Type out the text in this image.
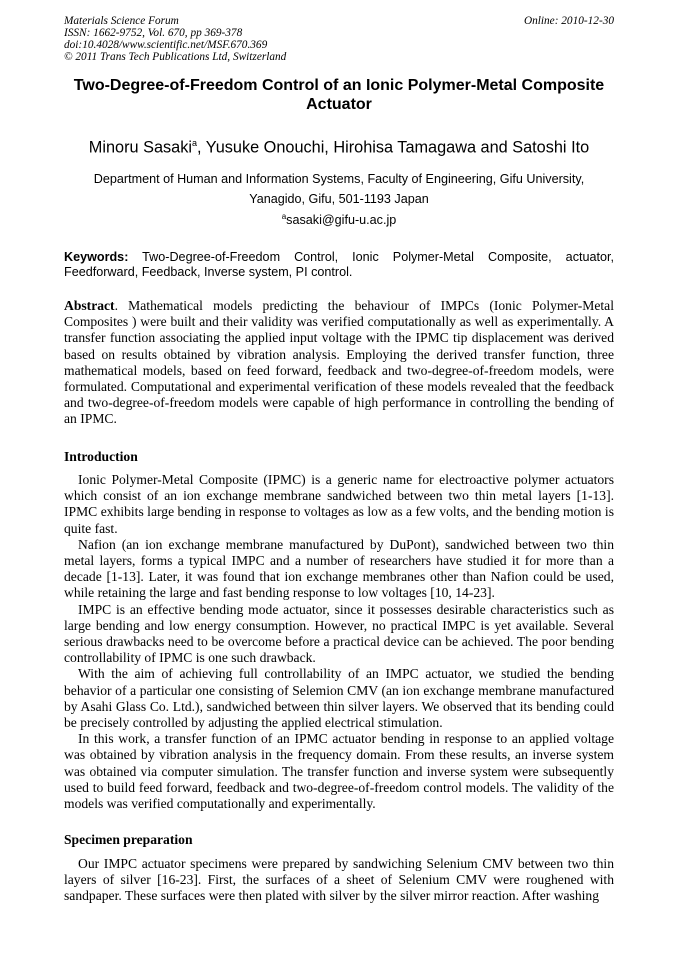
Materials Science Forum
ISSN: 1662-9752, Vol. 670, pp 369-378
doi:10.4028/www.scientific.net/MSF.670.369
© 2011 Trans Tech Publications Ltd, Switzerland
Online: 2010-12-30
Two-Degree-of-Freedom Control of an Ionic Polymer-Metal Composite Actuator
Minoru Sasaki$^a$, Yusuke Onouchi, Hirohisa Tamagawa and Satoshi Ito
Department of Human and Information Systems, Faculty of Engineering, Gifu University,
Yanagido, Gifu, 501-1193 Japan
$^a$sasaki@gifu-u.ac.jp
Keywords: Two-Degree-of-Freedom Control, Ionic Polymer-Metal Composite, actuator, Feedforward, Feedback, Inverse system, PI control.

Abstract. Mathematical models predicting the behaviour of IMPCs (Ionic Polymer-Metal Composites ) were built and their validity was verified computationally as well as experimentally. A transfer function associating the applied input voltage with the IPMC tip displacement was derived based on results obtained by vibration analysis. Employing the derived transfer function, three mathematical models, based on feed forward, feedback and two-degree-of-freedom models, were formulated. Computational and experimental verification of these models revealed that the feedback and two-degree-of-freedom models were capable of high performance in controlling the bending of an IPMC.

Introduction

Ionic Polymer-Metal Composite (IPMC) is a generic name for electroactive polymer actuators which consist of an ion exchange membrane sandwiched between two thin metal layers [1-13]. IPMC exhibits large bending in response to voltages as low as a few volts, and the bending motion is quite fast.

Nafion (an ion exchange membrane manufactured by DuPont), sandwiched between two thin metal layers, forms a typical IMPC and a number of researchers have studied it for more than a decade [1-13]. Later, it was found that ion exchange membranes other than Nafion could be used, while retaining the large and fast bending response to low voltages [10, 14-23].

IMPC is an effective bending mode actuator, since it possesses desirable characteristics such as large bending and low energy consumption. However, no practical IMPC is yet available. Several serious drawbacks need to be overcome before a practical device can be achieved. The poor bending controllability of IPMC is one such drawback.

With the aim of achieving full controllability of an IMPC actuator, we studied the bending behavior of a particular one consisting of Selemion CMV (an ion exchange membrane manufactured by Asahi Glass Co. Ltd.), sandwiched between thin silver layers. We observed that its bending could be precisely controlled by adjusting the applied electrical stimulation.

In this work, a transfer function of an IPMC actuator bending in response to an applied voltage was obtained by vibration analysis in the frequency domain. From these results, an inverse system was obtained via computer simulation. The transfer function and inverse system were subsequently used to build feed forward, feedback and two-degree-of-freedom control models. The validity of the models was verified computationally and experimentally.

Specimen preparation

Our IMPC actuator specimens were prepared by sandwiching Selenium CMV between two thin layers of silver [16-23]. First, the surfaces of a sheet of Selenium CMV were roughened with sandpaper. These surfaces were then plated with silver by the silver mirror reaction. After washing
